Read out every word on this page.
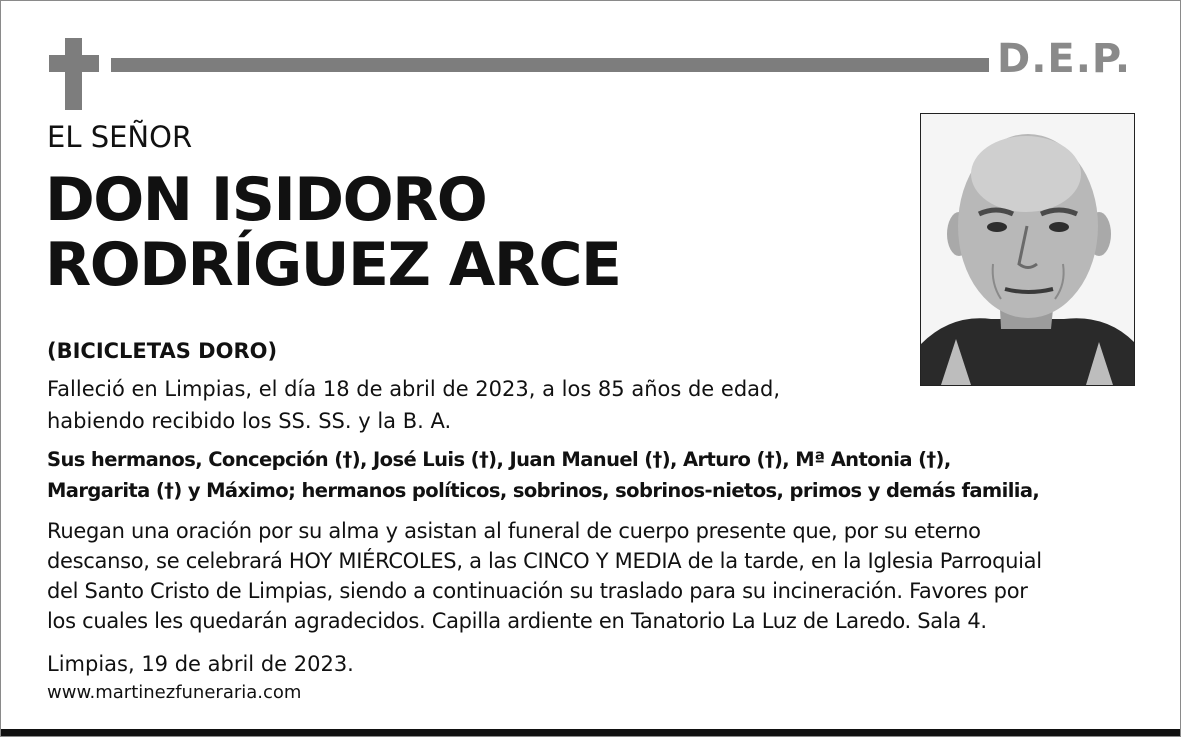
D.E.P.
EL SEÑOR
DON ISIDORO
RODRÍGUEZ ARCE
(BICICLETAS DORO)
Falleció en Limpias, el día 18 de abril de 2023, a los 85 años de edad,
habiendo recibido los SS. SS. y la B. A.
Sus hermanos, Concepción (†), José Luis (†), Juan Manuel (†), Arturo (†), Mª Antonia (†),
Margarita (†) y Máximo; hermanos políticos, sobrinos, sobrinos-nietos, primos y demás familia,
Ruegan una oración por su alma y asistan al funeral de cuerpo presente que, por su eterno
descanso, se celebrará HOY MIÉRCOLES, a las CINCO Y MEDIA de la tarde, en la Iglesia Parroquial
del Santo Cristo de Limpias, siendo a continuación su traslado para su incineración. Favores por
los cuales les quedarán agradecidos. Capilla ardiente en Tanatorio La Luz de Laredo. Sala 4.
Limpias, 19 de abril de 2023.
www.martinezfuneraria.com
